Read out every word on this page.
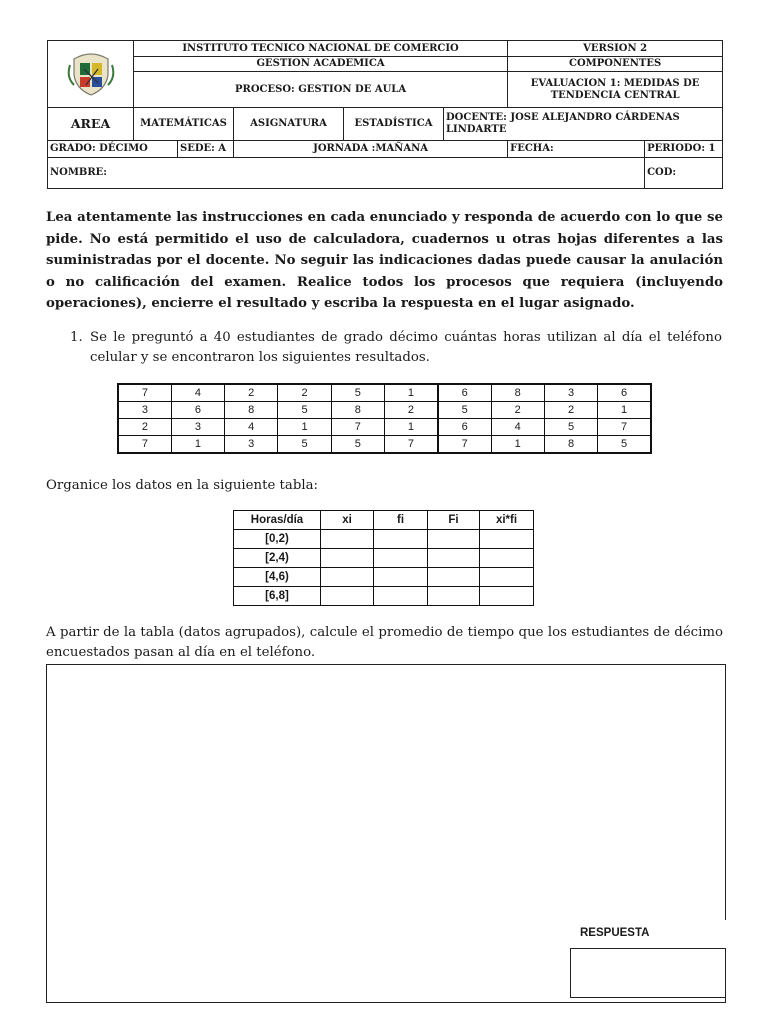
	INSTITUTO TECNICO NACIONAL DE COMERCIO					VERSION 2	
	GESTION ACADEMICA					COMPONENTES	
	PROCESO: GESTION DE AULA					EVALUACION 1: MEDIDAS DE TENDENCIA CENTRAL	
AREA	MATEMÁTICAS		ASIGNATURA	ESTADÍSTICA	DOCENTE: JOSE ALEJANDRO CÁRDENAS LINDARTE		
GRADO: DÉCIMO		SEDE: A	JORNADA :MAÑANA			FECHA:	PERIODO: 1
NOMBRE:							COD:

Lea atentamente las instrucciones en cada enunciado y responda de acuerdo con lo que se pide. No está permitido el uso de calculadora, cuadernos u otras hojas diferentes a las suministradas por el docente. No seguir las indicaciones dadas puede causar la anulación o no calificación del examen. Realice todos los procesos que requiera (incluyendo operaciones), encierre el resultado y escriba la respuesta en el lugar asignado.

1. Se le preguntó a 40 estudiantes de grado décimo cuántas horas utilizan al día el teléfono celular y se encontraron los siguientes resultados.
7	4	2	2	5	1	6	8	3	6
3	6	8	5	8	2	5	2	2	1
2	3	4	1	7	1	6	4	5	7
7	1	3	5	5	7	7	1	8	5

Organice los datos en la siguiente tabla:

Horas/día	xi	fi	Fi	xi*fi
[0,2)				
[2,4)				
[4,6)				
[6,8]				

A partir de la tabla (datos agrupados), calcule el promedio de tiempo que los estudiantes de décimo encuestados pasan al día en el teléfono.

RESPUESTA
